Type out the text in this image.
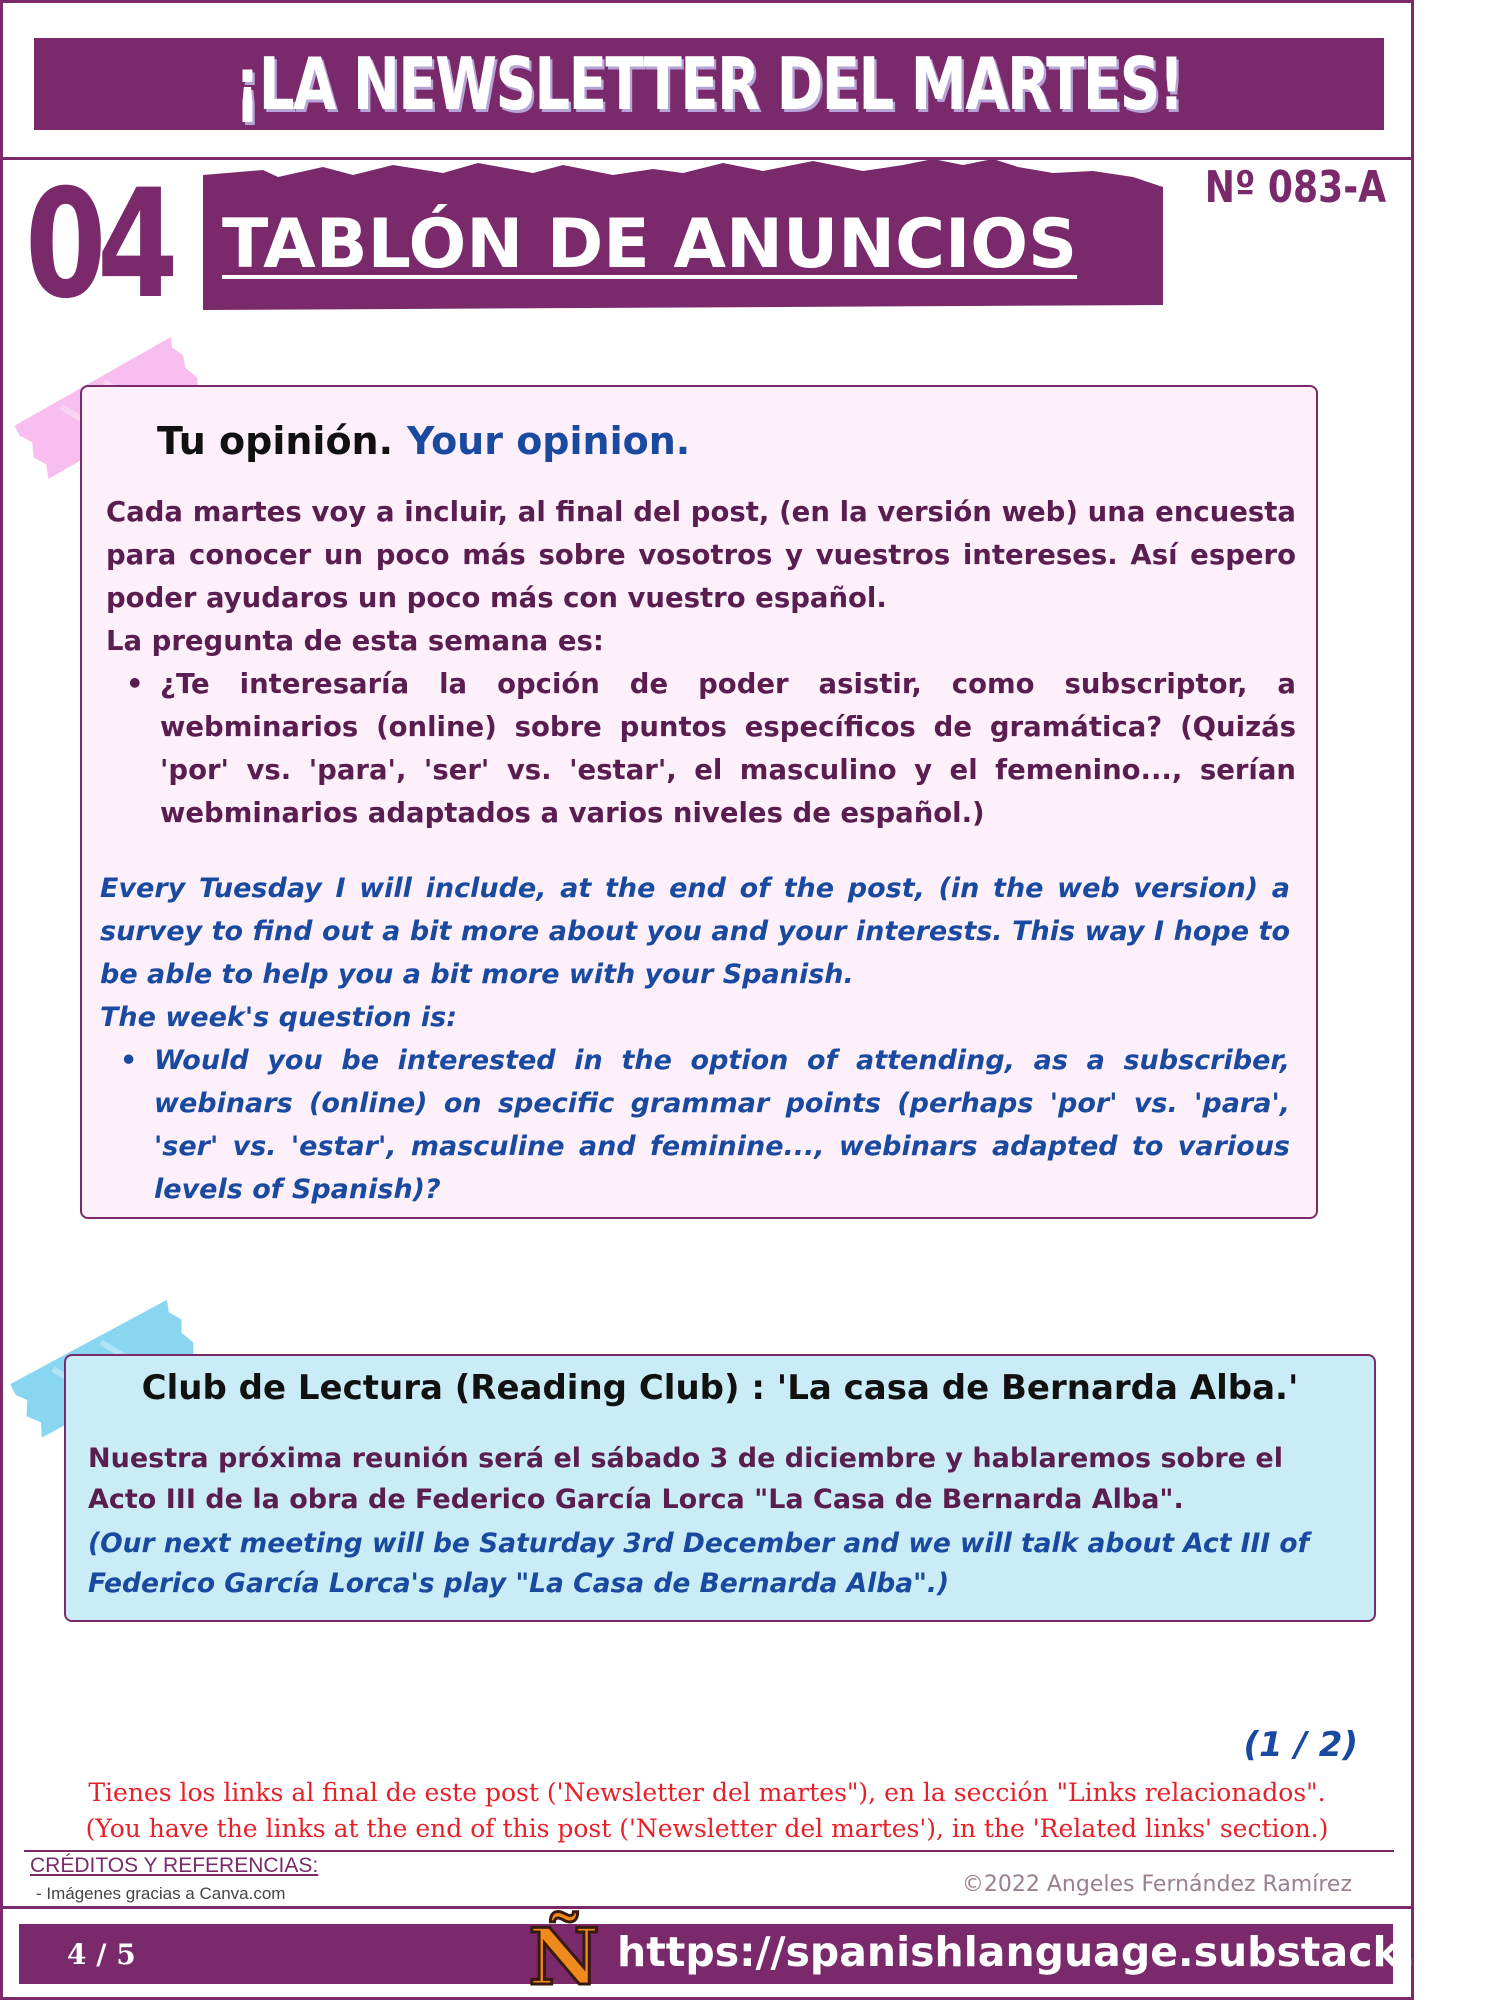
¡LA NEWSLETTER DEL MARTES!
04 TABLÓN DE ANUNCIOS
Nº 083-A
Tu opinión. Your opinion.

Cada martes voy a incluir, al final del post, (en la versión web) una encuesta para conocer un poco más sobre vosotros y vuestros intereses. Así espero poder ayudaros un poco más con vuestro español.

La pregunta de esta semana es:

• ¿Te interesaría la opción de poder asistir, como subscriptor, a webminarios (online) sobre puntos específicos de gramática? (Quizás 'por' vs. 'para', 'ser' vs. 'estar', el masculino y el femenino..., serían webminarios adaptados a varios niveles de español.)

Every Tuesday I will include, at the end of the post, (in the web version) a survey to find out a bit more about you and your interests. This way I hope to be able to help you a bit more with your Spanish.

The week's question is:

• Would you be interested in the option of attending, as a subscriber, webinars (online) on specific grammar points (perhaps 'por' vs. 'para', 'ser' vs. 'estar', masculine and feminine..., webinars adapted to various levels of Spanish)?
Club de Lectura (Reading Club) : 'La casa de Bernarda Alba.'
Nuestra próxima reunión será el sábado 3 de diciembre y hablaremos sobre el Acto III de la obra de Federico García Lorca "La Casa de Bernarda Alba".
(Our next meeting will be Saturday 3rd December and we will talk about Act III of Federico García Lorca's play "La Casa de Bernarda Alba".)
(1 / 2)
Tienes los links al final de este post ('Newsletter del martes"), en la sección "Links relacionados".
(You have the links at the end of this post ('Newsletter del martes'), in the 'Related links' section.)
CRÉDITOS Y REFERENCIAS:
- Imágenes gracias a Canva.com	©2022 Angeles Fernández Ramírez
4 / 5	Ñ https://spanishlanguage.substack.com
